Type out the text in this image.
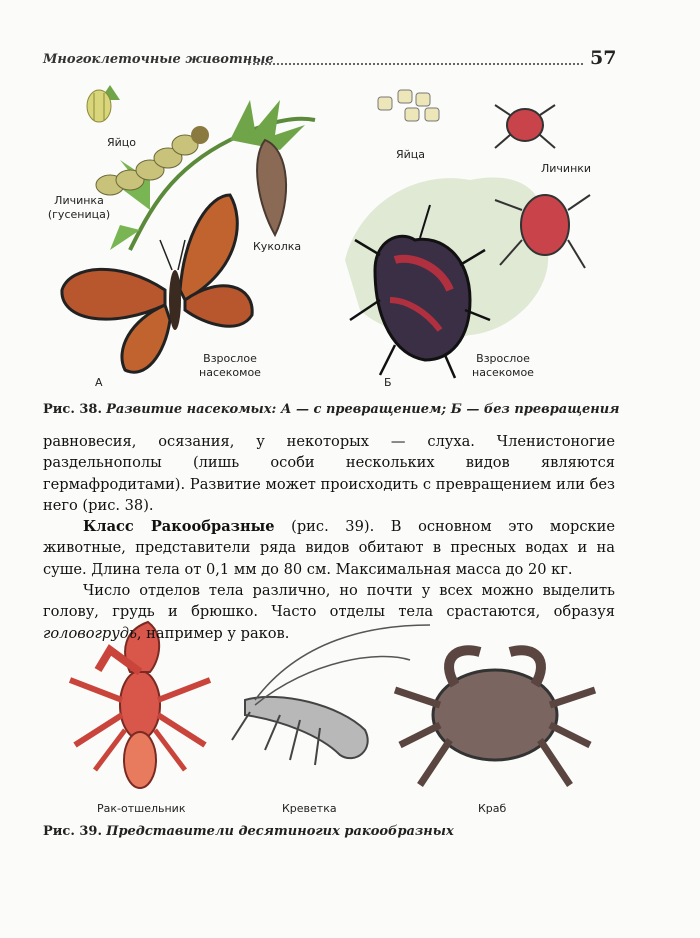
Многоклеточные животные	57
Яйцо
Личинка
(гусеница)
Куколка
Взрослое
насекомое
А
Яйца
Личинки
Взрослое
насекомое
Б
Рис. 38. Развитие насекомых: А — с превращением; Б — без превращения

равновесия, осязания, у некоторых — слуха. Членистоногие раздельнополы (лишь особи нескольких видов являются гермафродитами). Развитие может происходить с превращением или без него (рис. 38).

Класс Ракообразные (рис. 39). В основном это морские животные, представители ряда видов обитают в пресных водах и на суше. Длина тела от 0,1 мм до 80 см. Максимальная масса до 20 кг.

Число отделов тела различно, но почти у всех можно выделить голову, грудь и брюшко. Часто отделы тела срастаются, образуя головогрудь, например у раков.

Рак-отшельник	Креветка	Краб
Рис. 39. Представители десятиногих ракообразных
